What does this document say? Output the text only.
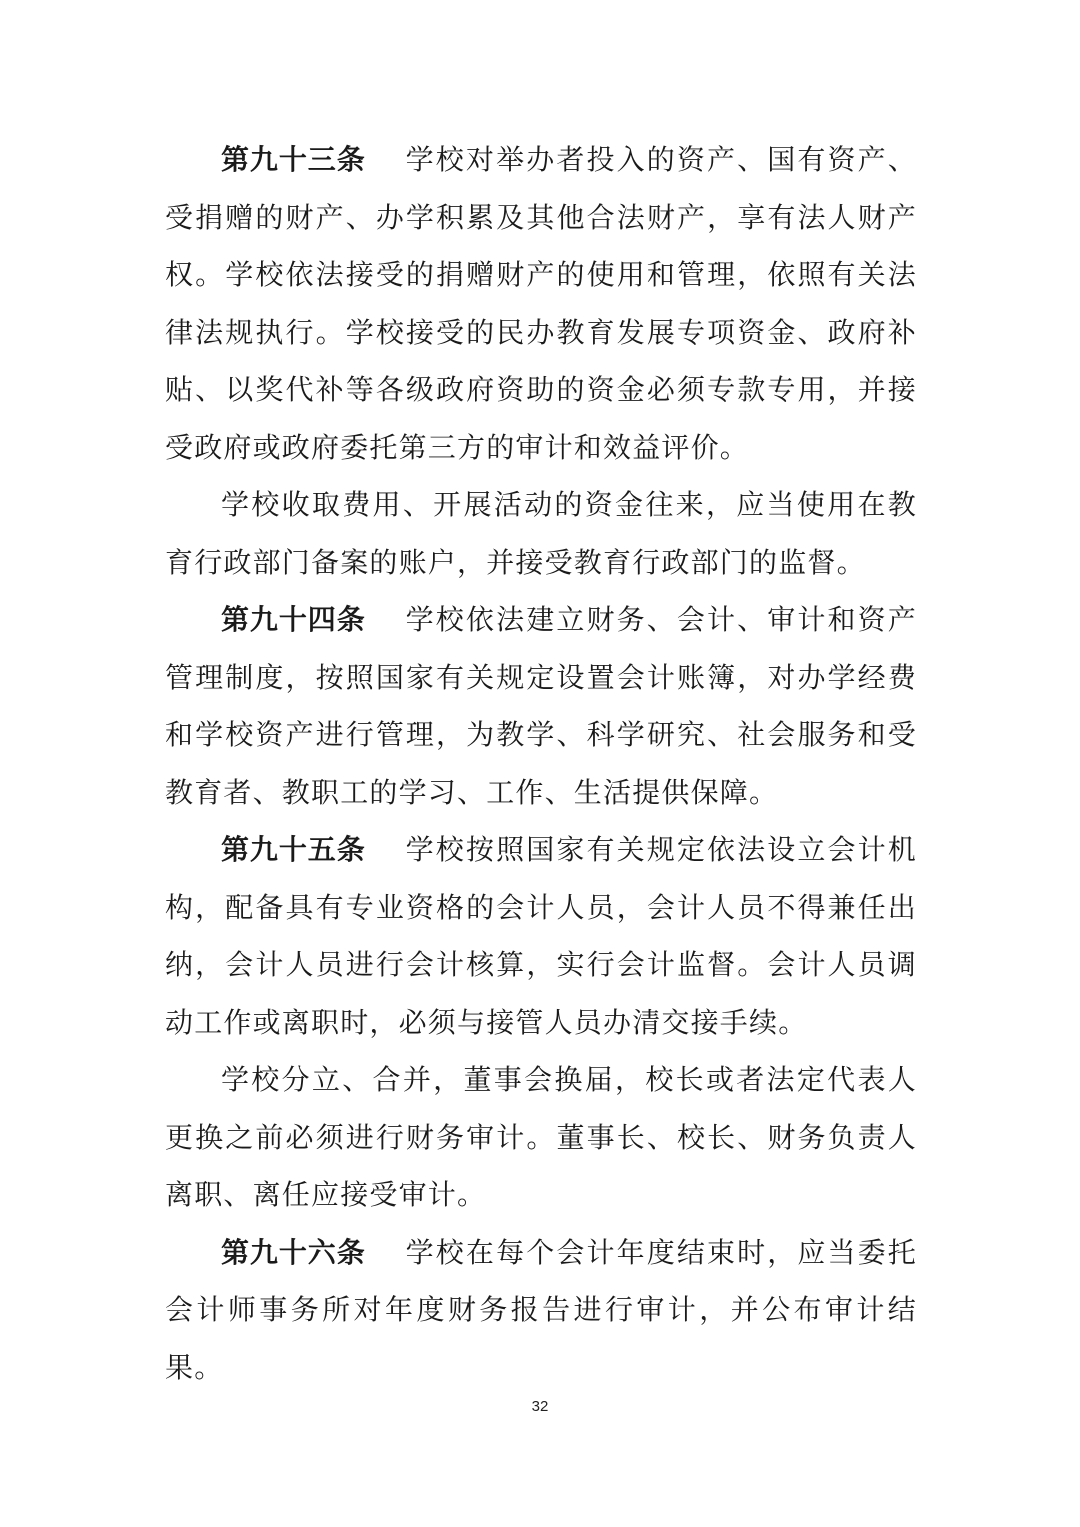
第九十三条 学校对举办者投入的资产、国有资产、受捐赠的财产、办学积累及其他合法财产，享有法人财产权。学校依法接受的捐赠财产的使用和管理，依照有关法律法规执行。学校接受的民办教育发展专项资金、政府补贴、以奖代补等各级政府资助的资金必须专款专用，并接受政府或政府委托第三方的审计和效益评价。

学校收取费用、开展活动的资金往来，应当使用在教育行政部门备案的账户，并接受教育行政部门的监督。

第九十四条 学校依法建立财务、会计、审计和资产管理制度，按照国家有关规定设置会计账簿，对办学经费和学校资产进行管理，为教学、科学研究、社会服务和受教育者、教职工的学习、工作、生活提供保障。

第九十五条 学校按照国家有关规定依法设立会计机构，配备具有专业资格的会计人员，会计人员不得兼任出纳，会计人员进行会计核算，实行会计监督。会计人员调动工作或离职时，必须与接管人员办清交接手续。

学校分立、合并，董事会换届，校长或者法定代表人更换之前必须进行财务审计。董事长、校长、财务负责人离职、离任应接受审计。

第九十六条 学校在每个会计年度结束时，应当委托会计师事务所对年度财务报告进行审计，并公布审计结果。

32
